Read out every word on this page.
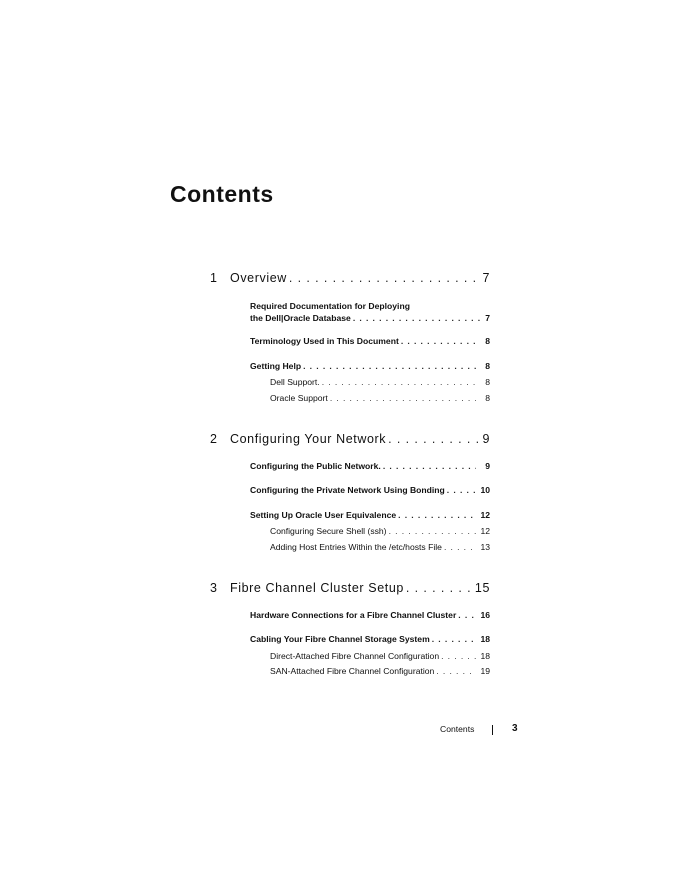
Contents
1 Overview . . .	7
Required Documentation for Deploying
the Dell|Oracle Database . . .	7
Terminology Used in This Document . . .	8
Getting Help . . .	8
Dell Support. . . .	8
Oracle Support . . .	8
2 Configuring Your Network . . .	9
Configuring the Public Network. . . .	9
Configuring the Private Network Using Bonding . . .	10
Setting Up Oracle User Equivalence . . .	12
Configuring Secure Shell (ssh) . . .	12
Adding Host Entries Within the /etc/hosts File . . .	13
3 Fibre Channel Cluster Setup . . .	15
Hardware Connections for a Fibre Channel Cluster . . .	16
Cabling Your Fibre Channel Storage System . . .	18
Direct-Attached Fibre Channel Configuration . . .	18
SAN-Attached Fibre Channel Configuration . . .	19
Contents	3
